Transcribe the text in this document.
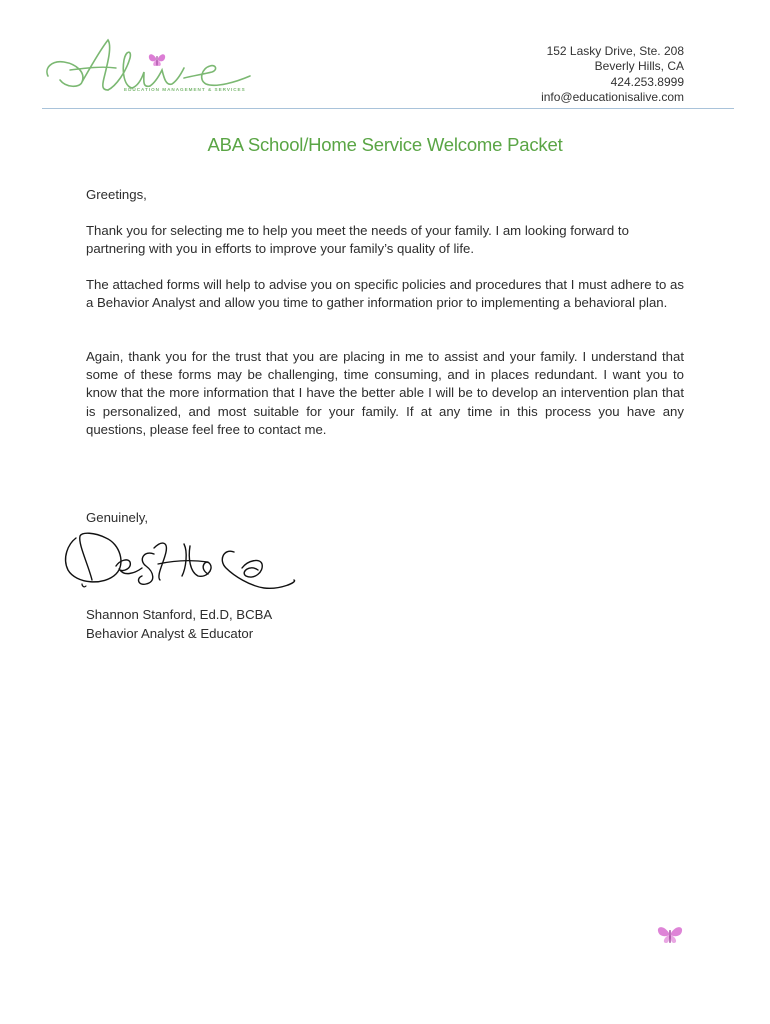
EDUCATION MANAGEMENT & SERVICES
152 Lasky Drive, Ste. 208
Beverly Hills, CA
424.253.8999
info@educationisalive.com
ABA School/Home Service Welcome Packet
Greetings,
Thank you for selecting me to help you meet the needs of your family. I am looking forward to partnering with you in efforts to improve your family’s quality of life.
The attached forms will help to advise you on specific policies and procedures that I must adhere to as a Behavior Analyst and allow you time to gather information prior to implementing a behavioral plan.
Again, thank you for the trust that you are placing in me to assist and your family. I understand that some of these forms may be challenging, time consuming, and in places redundant. I want you to know that the more information that I have the better able I will be to develop an intervention plan that is personalized, and most suitable for your family. If at any time in this process you have any questions, please feel free to contact me.
Genuinely,
Shannon Stanford, Ed.D, BCBA
Behavior Analyst & Educator
